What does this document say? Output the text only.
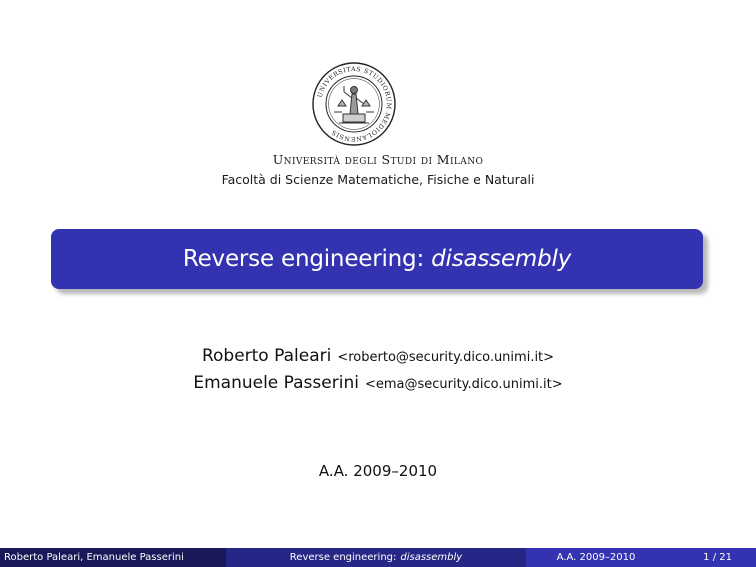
UNIVERSITAS STUDIORUM MEDIOLANENSIS
Università degli Studi di Milano
Facoltà di Scienze Matematiche, Fisiche e Naturali
Reverse engineering: disassembly
Roberto Paleari <roberto@security.dico.unimi.it>
Emanuele Passerini <ema@security.dico.unimi.it>
A.A. 2009–2010
Roberto Paleari, Emanuele Passerini	Reverse engineering: disassembly	A.A. 2009–2010	1 / 21
